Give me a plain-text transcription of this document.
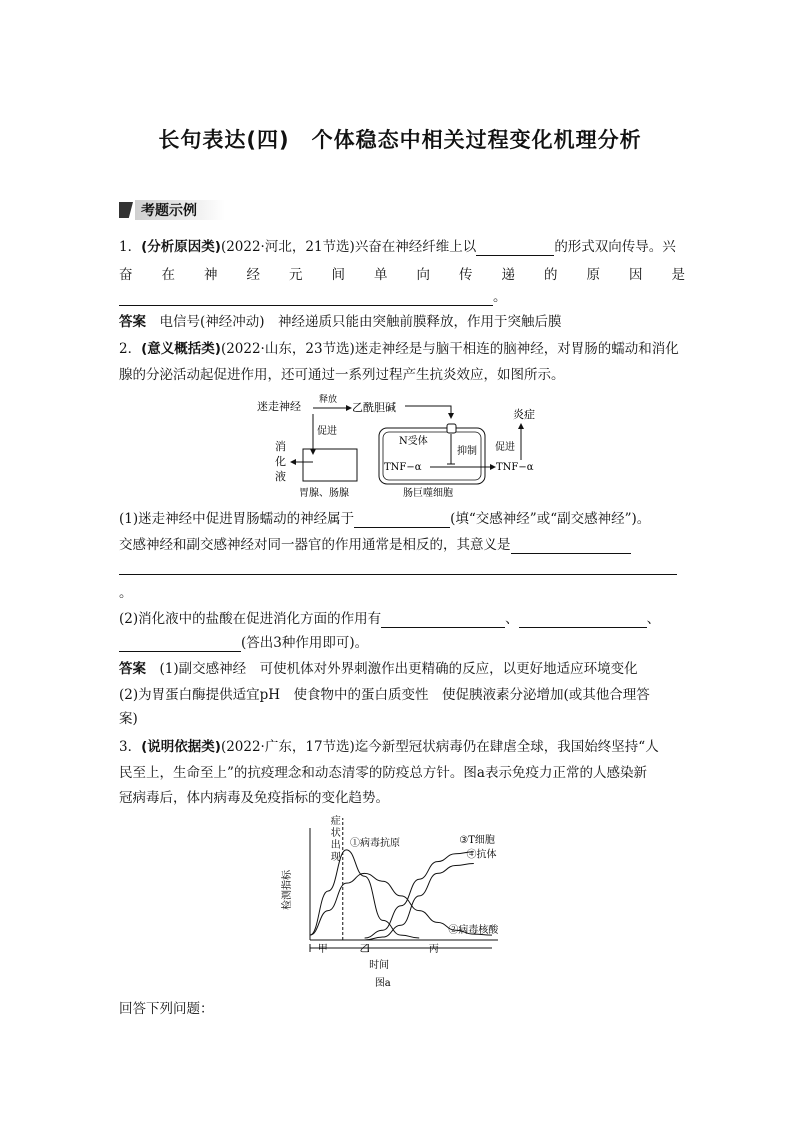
长句表达(四)　个体稳态中相关过程变化机理分析
考题示例
1．(分析原因类)(2022·河北，21节选)兴奋在神经纤维上以	的形式双向传导。兴
奋 在 神 经 元 间 单 向 传 递 的 原 因 是
。
答案　 电信号(神经冲动)　神经递质只能由突触前膜释放，作用于突触后膜
2．(意义概括类)(2022·山东，23节选)迷走神经是与脑干相连的脑神经，对胃肠的蠕动和消化
腺的分泌活动起促进作用，还可通过一系列过程产生抗炎效应，如图所示。
迷走神经 释放
乙酰胆碱
炎症
促进
消
化
液
胃腺、肠腺
N受体
抑制
TNF−α	TNF−α
促进
肠巨噬细胞
(1)迷走神经中促进胃肠蠕动的神经属于	(填“交感神经”或“副交感神经”)。
交感神经和副交感神经对同一器官的作用通常是相反的，其意义是
。
(2)消化液中的盐酸在促进消化方面的作用有	、	、
(答出3种作用即可)。
答案　 (1)副交感神经　可使机体对外界刺激作出更精确的反应，以更好地适应环境变化
(2)为胃蛋白酶提供适宜pH　使食物中的蛋白质变性　使促胰液素分泌增加(或其他合理答
案)
3．(说明依据类)(2022·广东，17节选)迄今新型冠状病毒仍在肆虐全球，我国始终坚持“人
民至上，生命至上”的抗疫理念和动态清零的防疫总方针。图a表示免疫力正常的人感染新
冠病毒后，体内病毒及免疫指标的变化趋势。
症
状
出
现
检测指标
①病毒抗原
②病毒核酸
③T细胞
④抗体
甲	乙	丙
时间
图a
回答下列问题：
